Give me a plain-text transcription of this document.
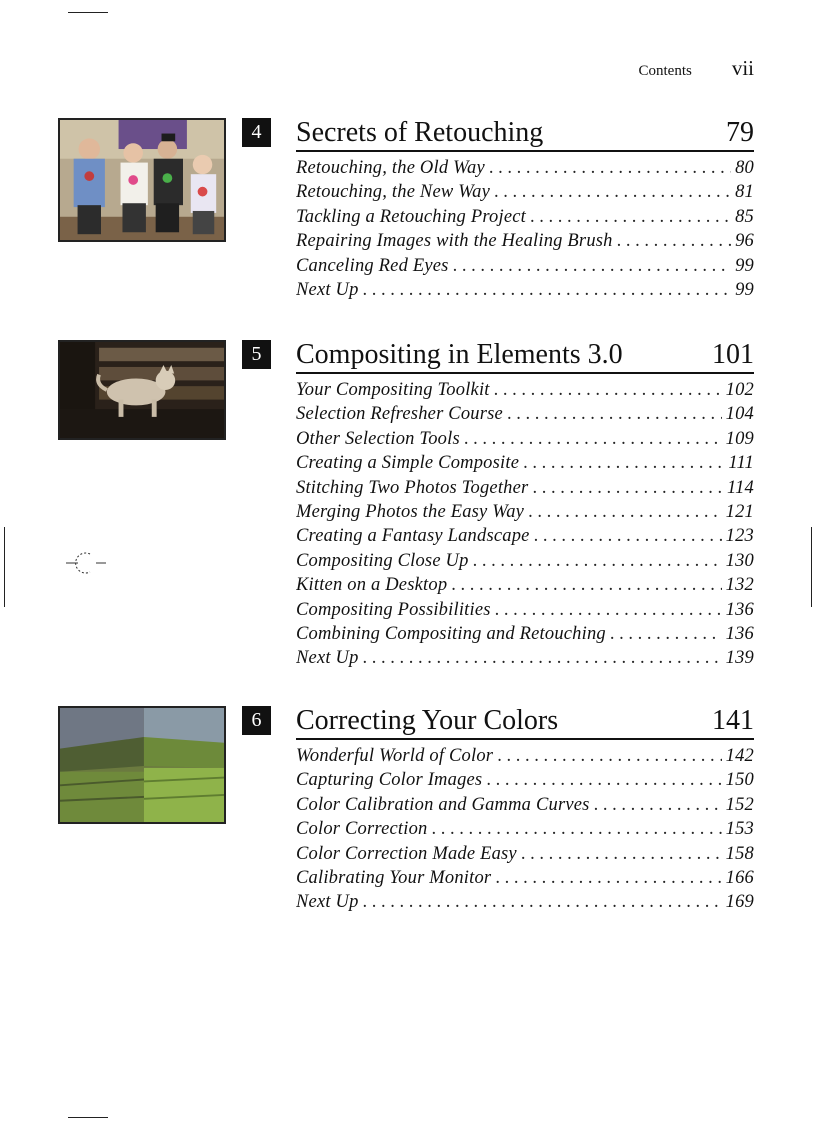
Contents vii
4	Secrets of Retouching	79
Retouching, the Old Way . . .	80
Retouching, the New Way . . .	81
Tackling a Retouching Project . . .	85
Repairing Images with the Healing Brush . . .	96
Canceling Red Eyes . . .	99
Next Up . . .	99
5	Compositing in Elements 3.0	101
Your Compositing Toolkit . . .	102
Selection Refresher Course . . .	104
Other Selection Tools . . .	109
Creating a Simple Composite . . .	111
Stitching Two Photos Together . . .	114
Merging Photos the Easy Way . . .	121
Creating a Fantasy Landscape . . .	123
Compositing Close Up . . .	130
Kitten on a Desktop . . .	132
Compositing Possibilities . . .	136
Combining Compositing and Retouching . . .	136
Next Up . . .	139
6	Correcting Your Colors	141
Wonderful World of Color . . .	142
Capturing Color Images . . .	150
Color Calibration and Gamma Curves . . .	152
Color Correction . . .	153
Color Correction Made Easy . . .	158
Calibrating Your Monitor . . .	166
Next Up . . .	169
